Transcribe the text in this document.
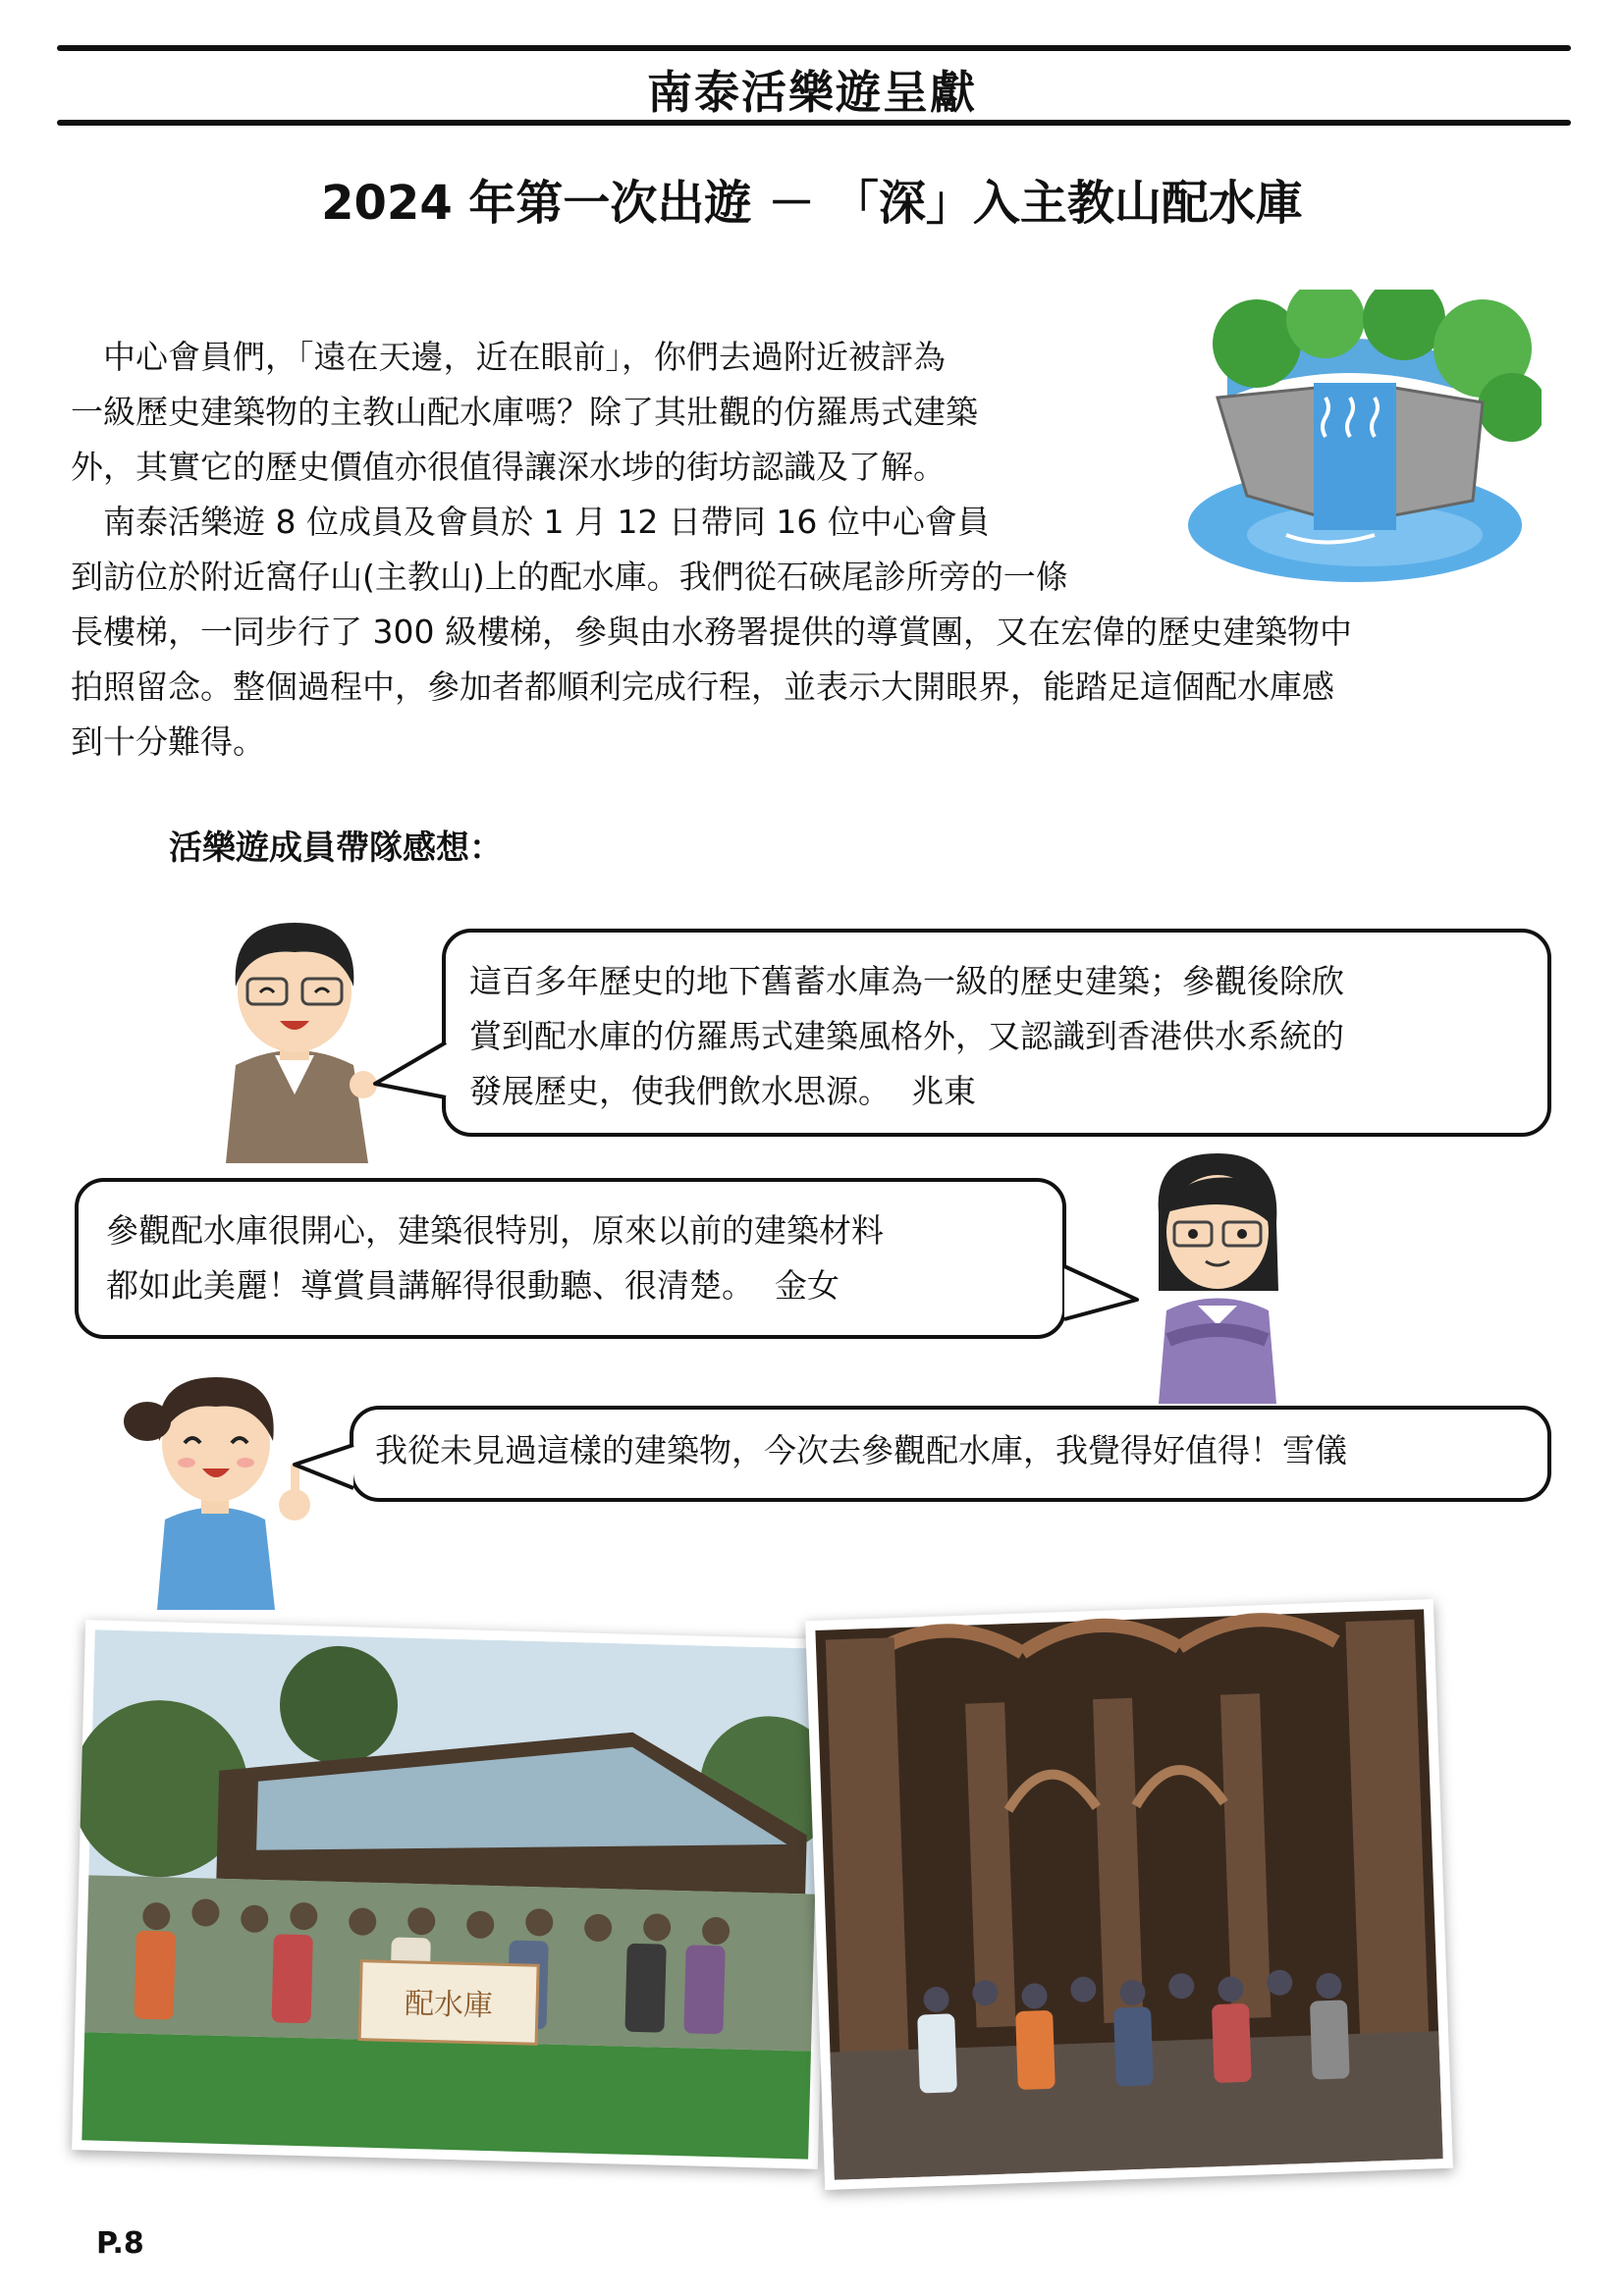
南泰活樂遊呈獻
2024 年第一次出遊 － 「深」入主教山配水庫

　中心會員們，「遠在天邊，近在眼前」，你們去過附近被評為

一級歷史建築物的主教山配水庫嗎？除了其壯觀的仿羅馬式建築

外，其實它的歷史價值亦很值得讓深水埗的街坊認識及了解。

　南泰活樂遊 8 位成員及會員於 1 月 12 日帶同 16 位中心會員

到訪位於附近窩仔山(主教山)上的配水庫。我們從石硤尾診所旁的一條

長樓梯，一同步行了 300 級樓梯，參與由水務署提供的導賞團，又在宏偉的歷史建築物中

拍照留念。整個過程中，參加者都順利完成行程，並表示大開眼界，能踏足這個配水庫感

到十分難得。

活樂遊成員帶隊感想：
這百多年歷史的地下舊蓄水庫為一級的歷史建築；參觀後除欣
賞到配水庫的仿羅馬式建築風格外，又認識到香港供水系統的
發展歷史，使我們飲水思源。  兆東
參觀配水庫很開心，建築很特別，原來以前的建築材料
都如此美麗！導賞員講解得很動聽、很清楚。  金女
我從未見過這樣的建築物，今次去參觀配水庫，我覺得好值得！雪儀
配水庫
P.8
